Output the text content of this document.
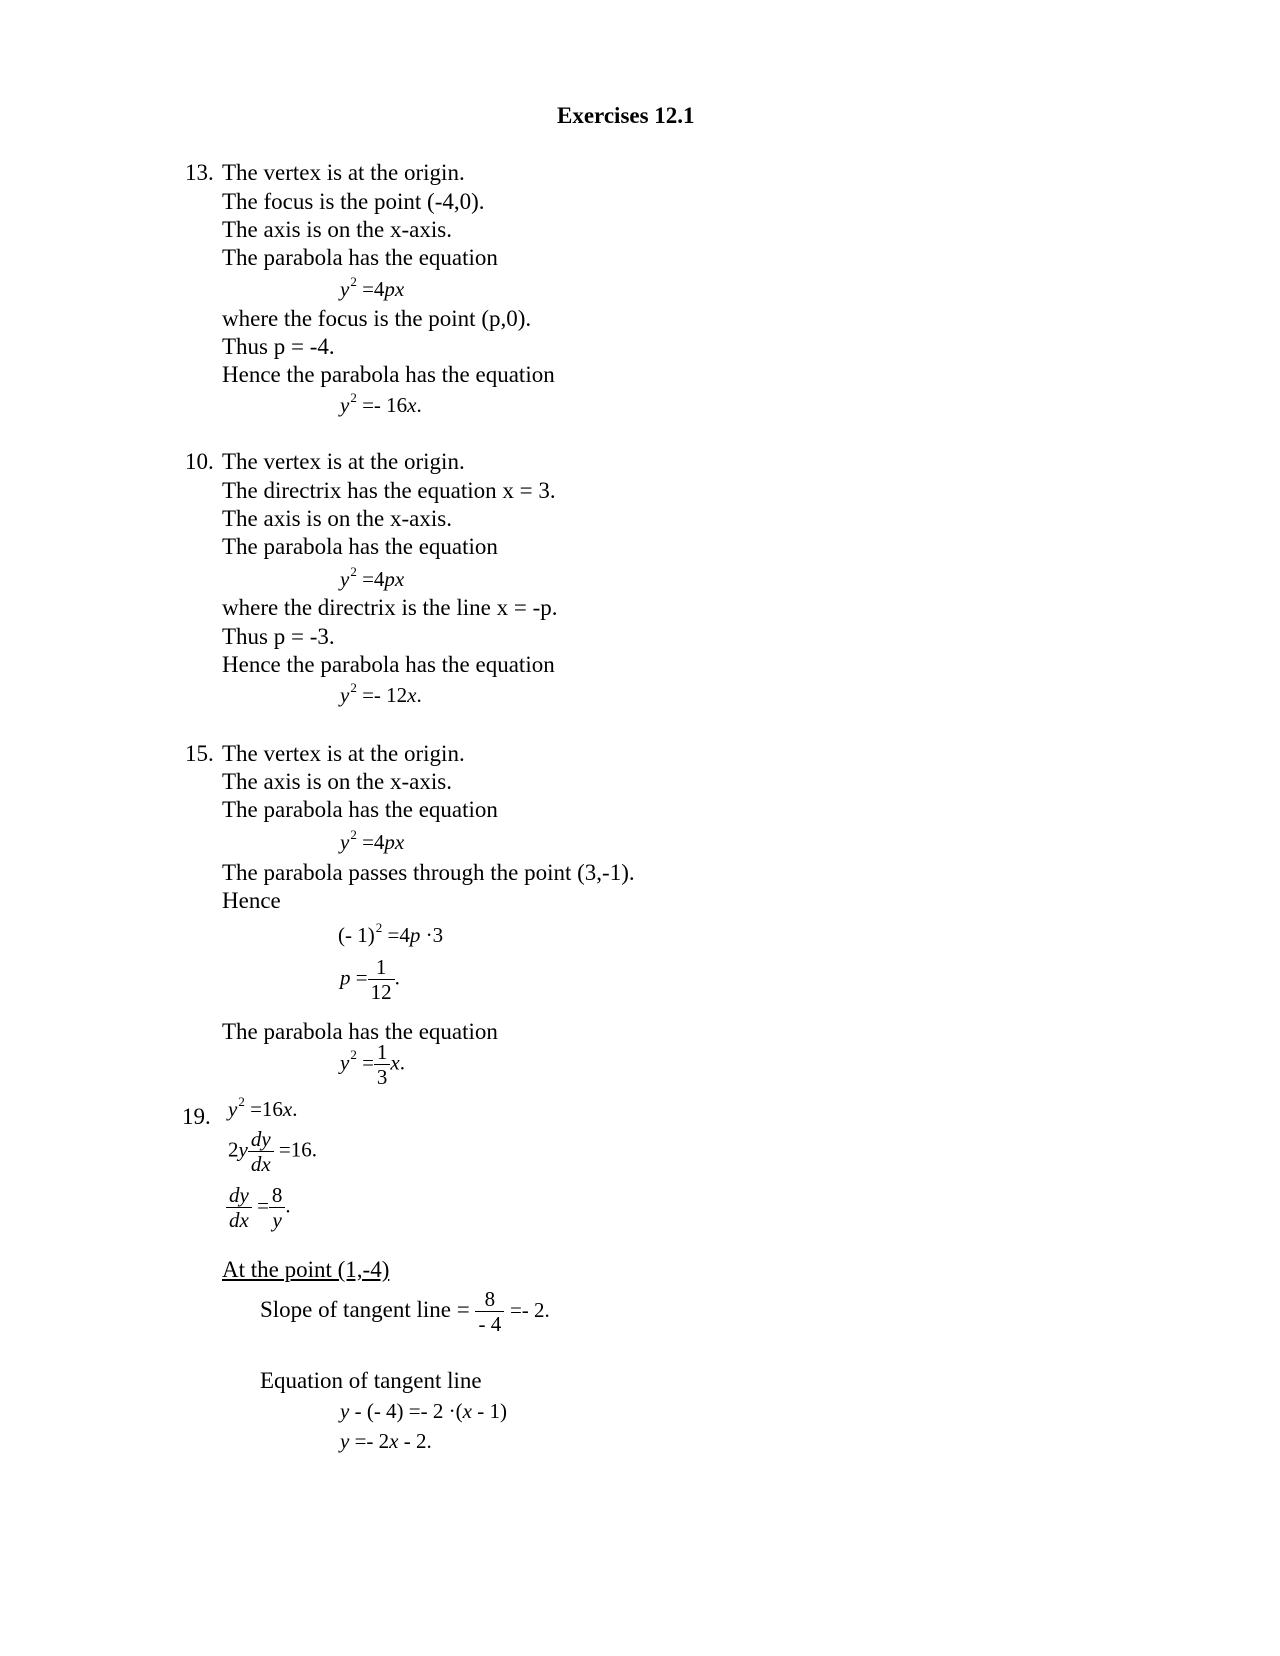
Exercises 12.1
13. The vertex is at the origin.
The focus is the point (-4,0).
The axis is on the x-axis.
The parabola has the equation
$y^2 =4px$
where the focus is the point (p,0).
Thus p = -4.
Hence the parabola has the equation
$y^2 =- 16x$.
10. The vertex is at the origin.
The directrix has the equation x = 3.
The axis is on the x-axis.
The parabola has the equation
$y^2 =4px$
where the directrix is the line x = -p.
Thus p = -3.
Hence the parabola has the equation
$y^2 =- 12x$.
15. The vertex is at the origin.
The axis is on the x-axis.
The parabola has the equation
$y^2 =4px$
The parabola passes through the point (3,-1).
Hence
(- 1)$^2$ =4p ·3
$p = \frac{1}{12}$ .
The parabola has the equation
$y^2 = \frac{1}{3} x$.
19. $y^2 =16x$.
$2y \frac{dy}{dx} =16$.
$\frac{dy}{dx} = \frac{8}{y}$ .
At the point (1,-4)
Slope of tangent line = $\frac{8}{- 4} =- 2$.
Equation of tangent line
y - (- 4) =- 2 ·(x - 1)
y =- 2x - 2.
